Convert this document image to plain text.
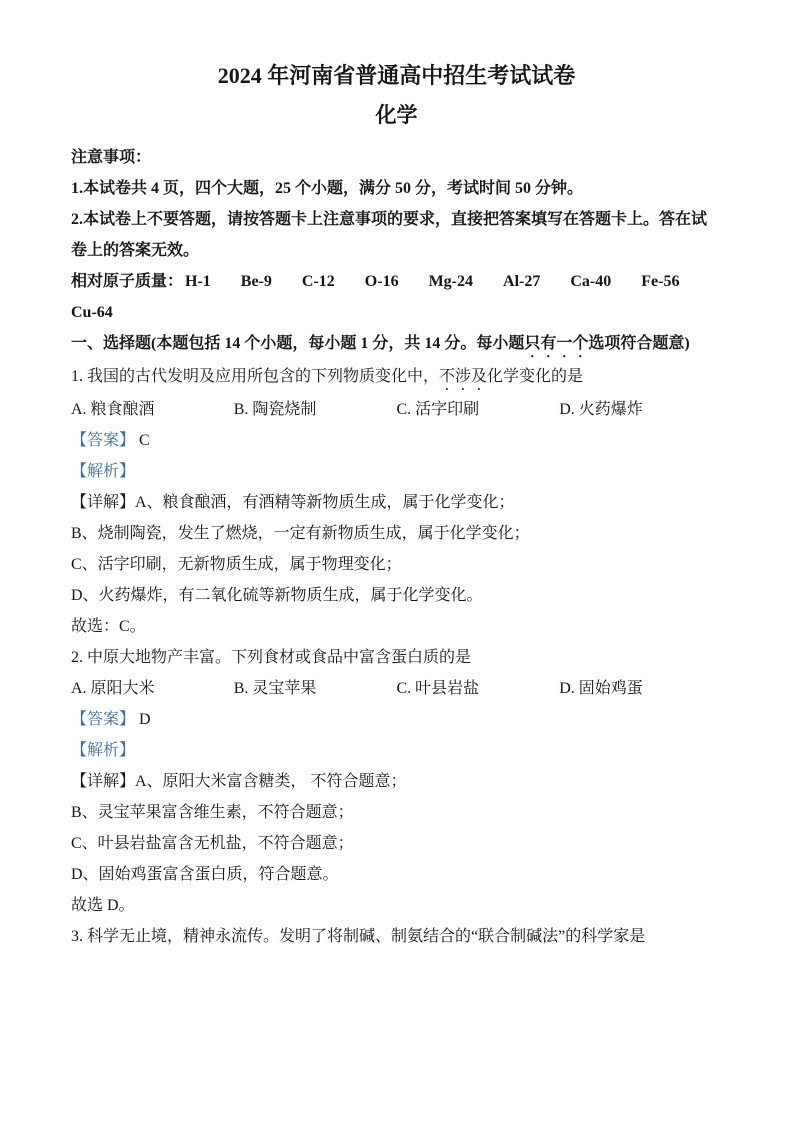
2024 年河南省普通高中招生考试试卷
化学

注意事项：

1.本试卷共 4 页，四个大题，25 个小题，满分 50 分，考试时间 50 分钟。

2.本试卷上不要答题，请按答题卡上注意事项的要求，直接把答案填写在答题卡上。答在试卷上的答案无效。

相对原子质量： H-1 Be-9 C-12 O-16 Mg-24 Al-27 Ca-40 Fe-56

Cu-64

一、选择题(本题包括 14 个小题，每小题 1 分，共 14 分。每小题只有一个选项符合题意)

1. 我国的古代发明及应用所包含的下列物质变化中，不涉及化学变化的是

A. 粮食酿酒	B. 陶瓷烧制	C. 活字印刷	D. 火药爆炸

【答案】 C

【解析】

【详解】A、粮食酿酒，有酒精等新物质生成，属于化学变化；

B、烧制陶瓷，发生了燃烧，一定有新物质生成，属于化学变化；

C、活字印刷，无新物质生成，属于物理变化；

D、火药爆炸，有二氧化硫等新物质生成，属于化学变化。

故选：C。

2. 中原大地物产丰富。下列食材或食品中富含蛋白质的是

A. 原阳大米	B. 灵宝苹果	C. 叶县岩盐	D. 固始鸡蛋

【答案】 D

【解析】

【详解】A、原阳大米富含糖类， 不符合题意；

B、灵宝苹果富含维生素，不符合题意；

C、叶县岩盐富含无机盐，不符合题意；

D、固始鸡蛋富含蛋白质，符合题意。

故选 D。

3. 科学无止境，精神永流传。发明了将制碱、制氨结合的“联合制碱法”的科学家是
